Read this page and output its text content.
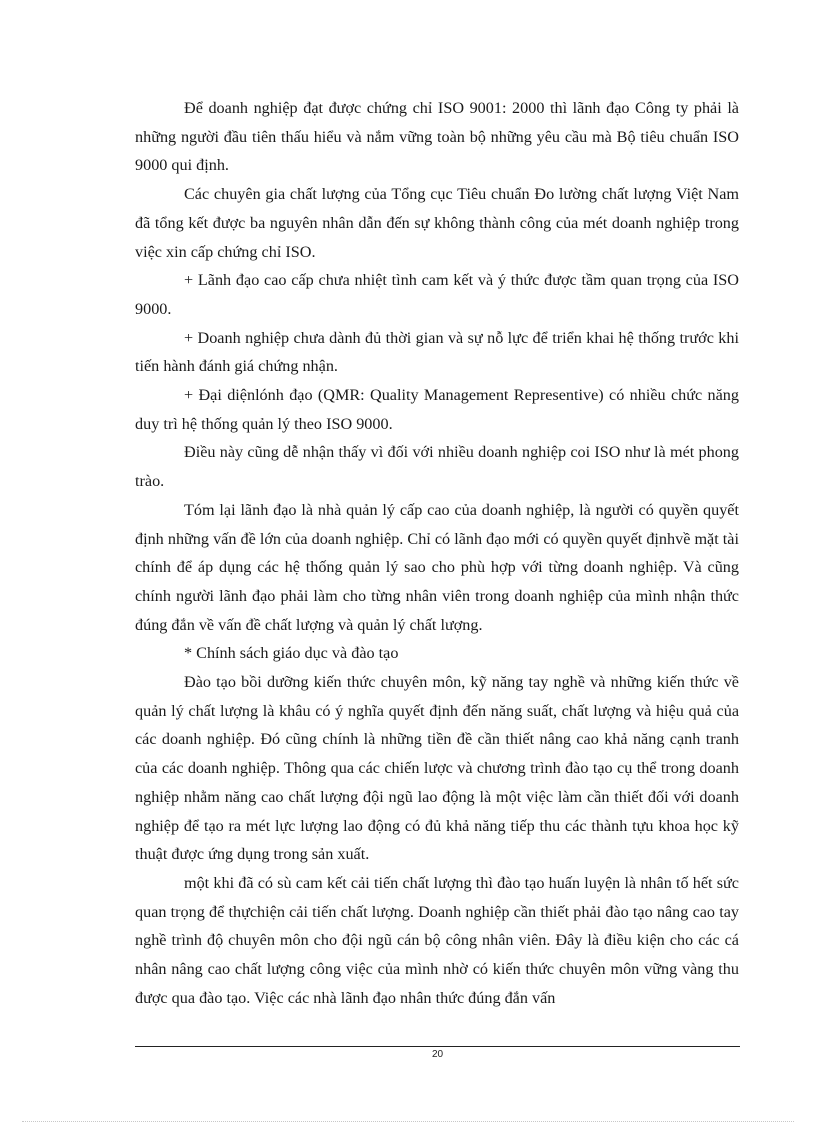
Để doanh nghiệp đạt được chứng chỉ ISO 9001: 2000 thì lãnh đạo Công ty phải là những người đầu tiên thấu hiểu và nắm vững toàn bộ những yêu cầu mà Bộ tiêu chuẩn ISO 9000 qui định.

Các chuyên gia chất lượng của Tổng cục Tiêu chuẩn Đo lường chất lượng Việt Nam đã tổng kết được ba nguyên nhân dẫn đến sự không thành công của mét doanh nghiệp trong việc xin cấp chứng chỉ ISO.

+ Lãnh đạo cao cấp chưa nhiệt tình cam kết và ý thức được tầm quan trọng của ISO 9000.

+ Doanh nghiệp chưa dành đủ thời gian và sự nỗ lực để triển khai hệ thống trước khi tiến hành đánh giá chứng nhận.

+ Đại diệnlónh đạo (QMR: Quality Management Representive) có nhiều chức năng duy trì hệ thống quản lý theo ISO 9000.

Điều này cũng dễ nhận thấy vì đối với nhiều doanh nghiệp coi ISO như là mét phong trào.

Tóm lại lãnh đạo là nhà quản lý cấp cao của doanh nghiệp, là người có quyền quyết định những vấn đề lớn của doanh nghiệp. Chỉ có lãnh đạo mới có quyền quyết địnhvề mặt tài chính để áp dụng các hệ thống quản lý sao cho phù hợp với từng doanh nghiệp. Và cũng chính người lãnh đạo phải làm cho từng nhân viên trong doanh nghiệp của mình nhận thức đúng đắn về vấn đề chất lượng và quản lý chất lượng.

* Chính sách giáo dục và đào tạo

Đào tạo bồi dưỡng kiến thức chuyên môn, kỹ năng tay nghề và những kiến thức về quản lý chất lượng là khâu có ý nghĩa quyết định đến năng suất, chất lượng và hiệu quả của các doanh nghiệp. Đó cũng chính là những tiền đề cần thiết nâng cao khả năng cạnh tranh của các doanh nghiệp. Thông qua các chiến lược và chương trình đào tạo cụ thể trong doanh nghiệp nhằm năng cao chất lượng đội ngũ lao động là một việc làm cần thiết đối với doanh nghiệp để tạo ra mét lực lượng lao động có đủ khả năng tiếp thu các thành tựu khoa học kỹ thuật được ứng dụng trong sản xuất.

một khi đã có sù cam kết cải tiến chất lượng thì đào tạo huấn luyện là nhân tố hết sức quan trọng để thựchiện cải tiến chất lượng. Doanh nghiệp cần thiết phải đào tạo nâng cao tay nghề trình độ chuyên môn cho đội ngũ cán bộ công nhân viên. Đây là điều kiện cho các cá nhân nâng cao chất lượng công việc của mình nhờ có kiến thức chuyên môn vững vàng thu được qua đào tạo. Việc các nhà lãnh đạo nhân thức đúng đắn vấn

20
